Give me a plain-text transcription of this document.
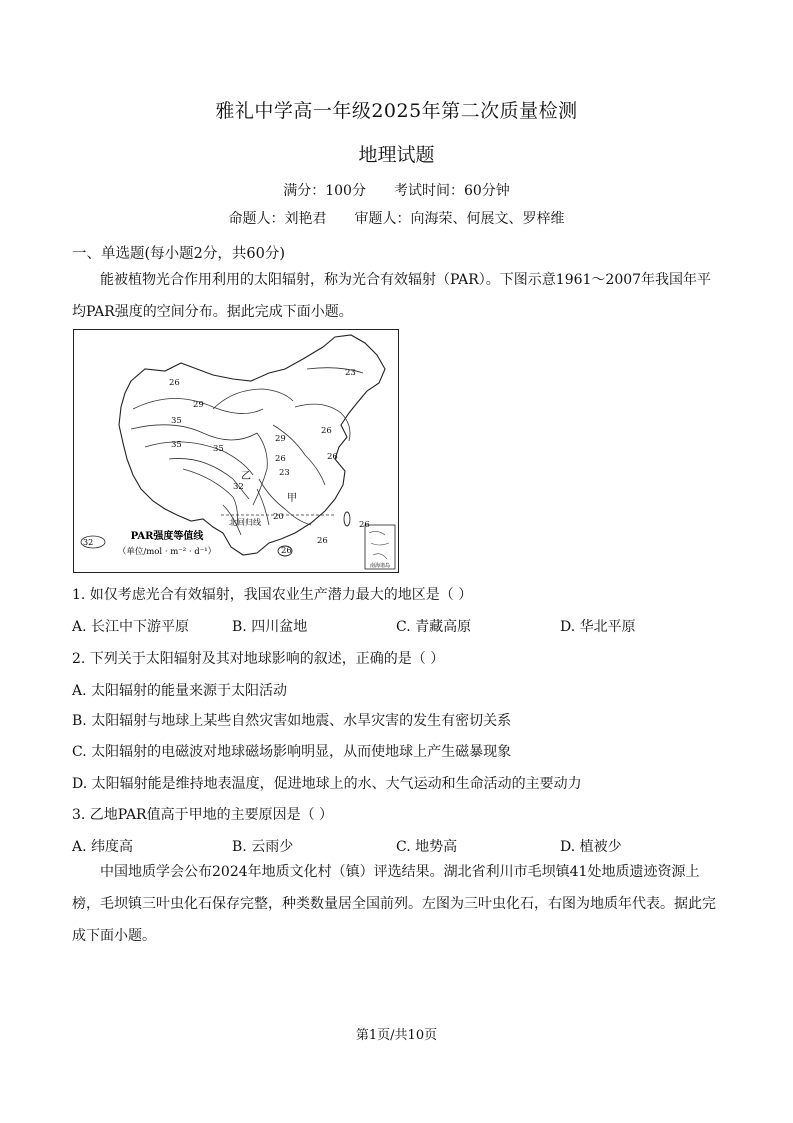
雅礼中学高一年级2025年第二次质量检测
地理试题
满分：100分 考试时间：60分钟
命题人：刘艳君 审题人：向海荣、何展文、罗梓维
一、单选题(每小题2分，共60分)
能被植物光合作用利用的太阳辐射，称为光合有效辐射（PAR）。下图示意1961～2007年我国年平均PAR强度的空间分布。据此完成下面小题。
南海诸岛
26
29
35
35	35
32
29
26
23
20
26
26
23
26
26
26
甲
乙
北回归线
32
PAR强度等值线
（单位/mol · m⁻² · d⁻¹）
1. 如仅考虑光合有效辐射，我国农业生产潜力最大的地区是（ ）
A. 长江中下游平原	B. 四川盆地	C. 青藏高原	D. 华北平原
2. 下列关于太阳辐射及其对地球影响的叙述，正确的是（ ）
A. 太阳辐射的能量来源于太阳活动
B. 太阳辐射与地球上某些自然灾害如地震、水旱灾害的发生有密切关系
C. 太阳辐射的电磁波对地球磁场影响明显，从而使地球上产生磁暴现象
D. 太阳辐射能是维持地表温度，促进地球上的水、大气运动和生命活动的主要动力
3. 乙地PAR值高于甲地的主要原因是（ ）
A. 纬度高	B. 云雨少	C. 地势高	D. 植被少
中国地质学会公布2024年地质文化村（镇）评选结果。湖北省利川市毛坝镇41处地质遗迹资源上榜，毛坝镇三叶虫化石保存完整，种类数量居全国前列。左图为三叶虫化石，右图为地质年代表。据此完成下面小题。
第1页/共10页
